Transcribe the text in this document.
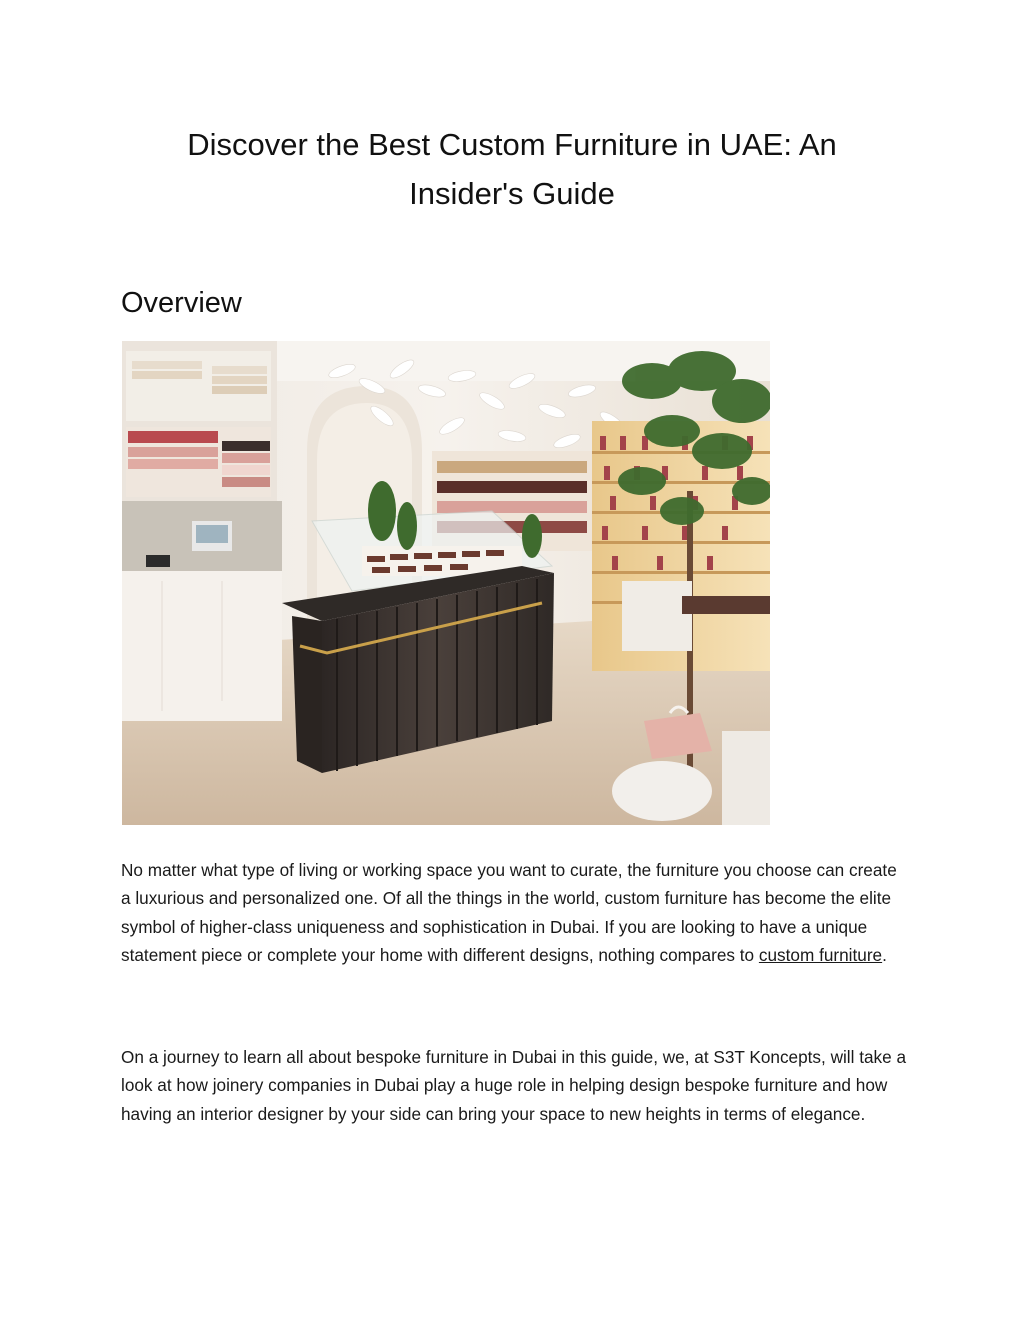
Discover the Best Custom Furniture in UAE: An Insider's Guide
Overview
No matter what type of living or working space you want to curate, the furniture you choose can create a luxurious and personalized one. Of all the things in the world, custom furniture has become the elite symbol of higher-class uniqueness and sophistication in Dubai. If you are looking to have a unique statement piece or complete your home with different designs, nothing compares to custom furniture.
On a journey to learn all about bespoke furniture in Dubai in this guide, we, at S3T Koncepts, will take a look at how joinery companies in Dubai play a huge role in helping design bespoke furniture and how having an interior designer by your side can bring your space to new heights in terms of elegance.
